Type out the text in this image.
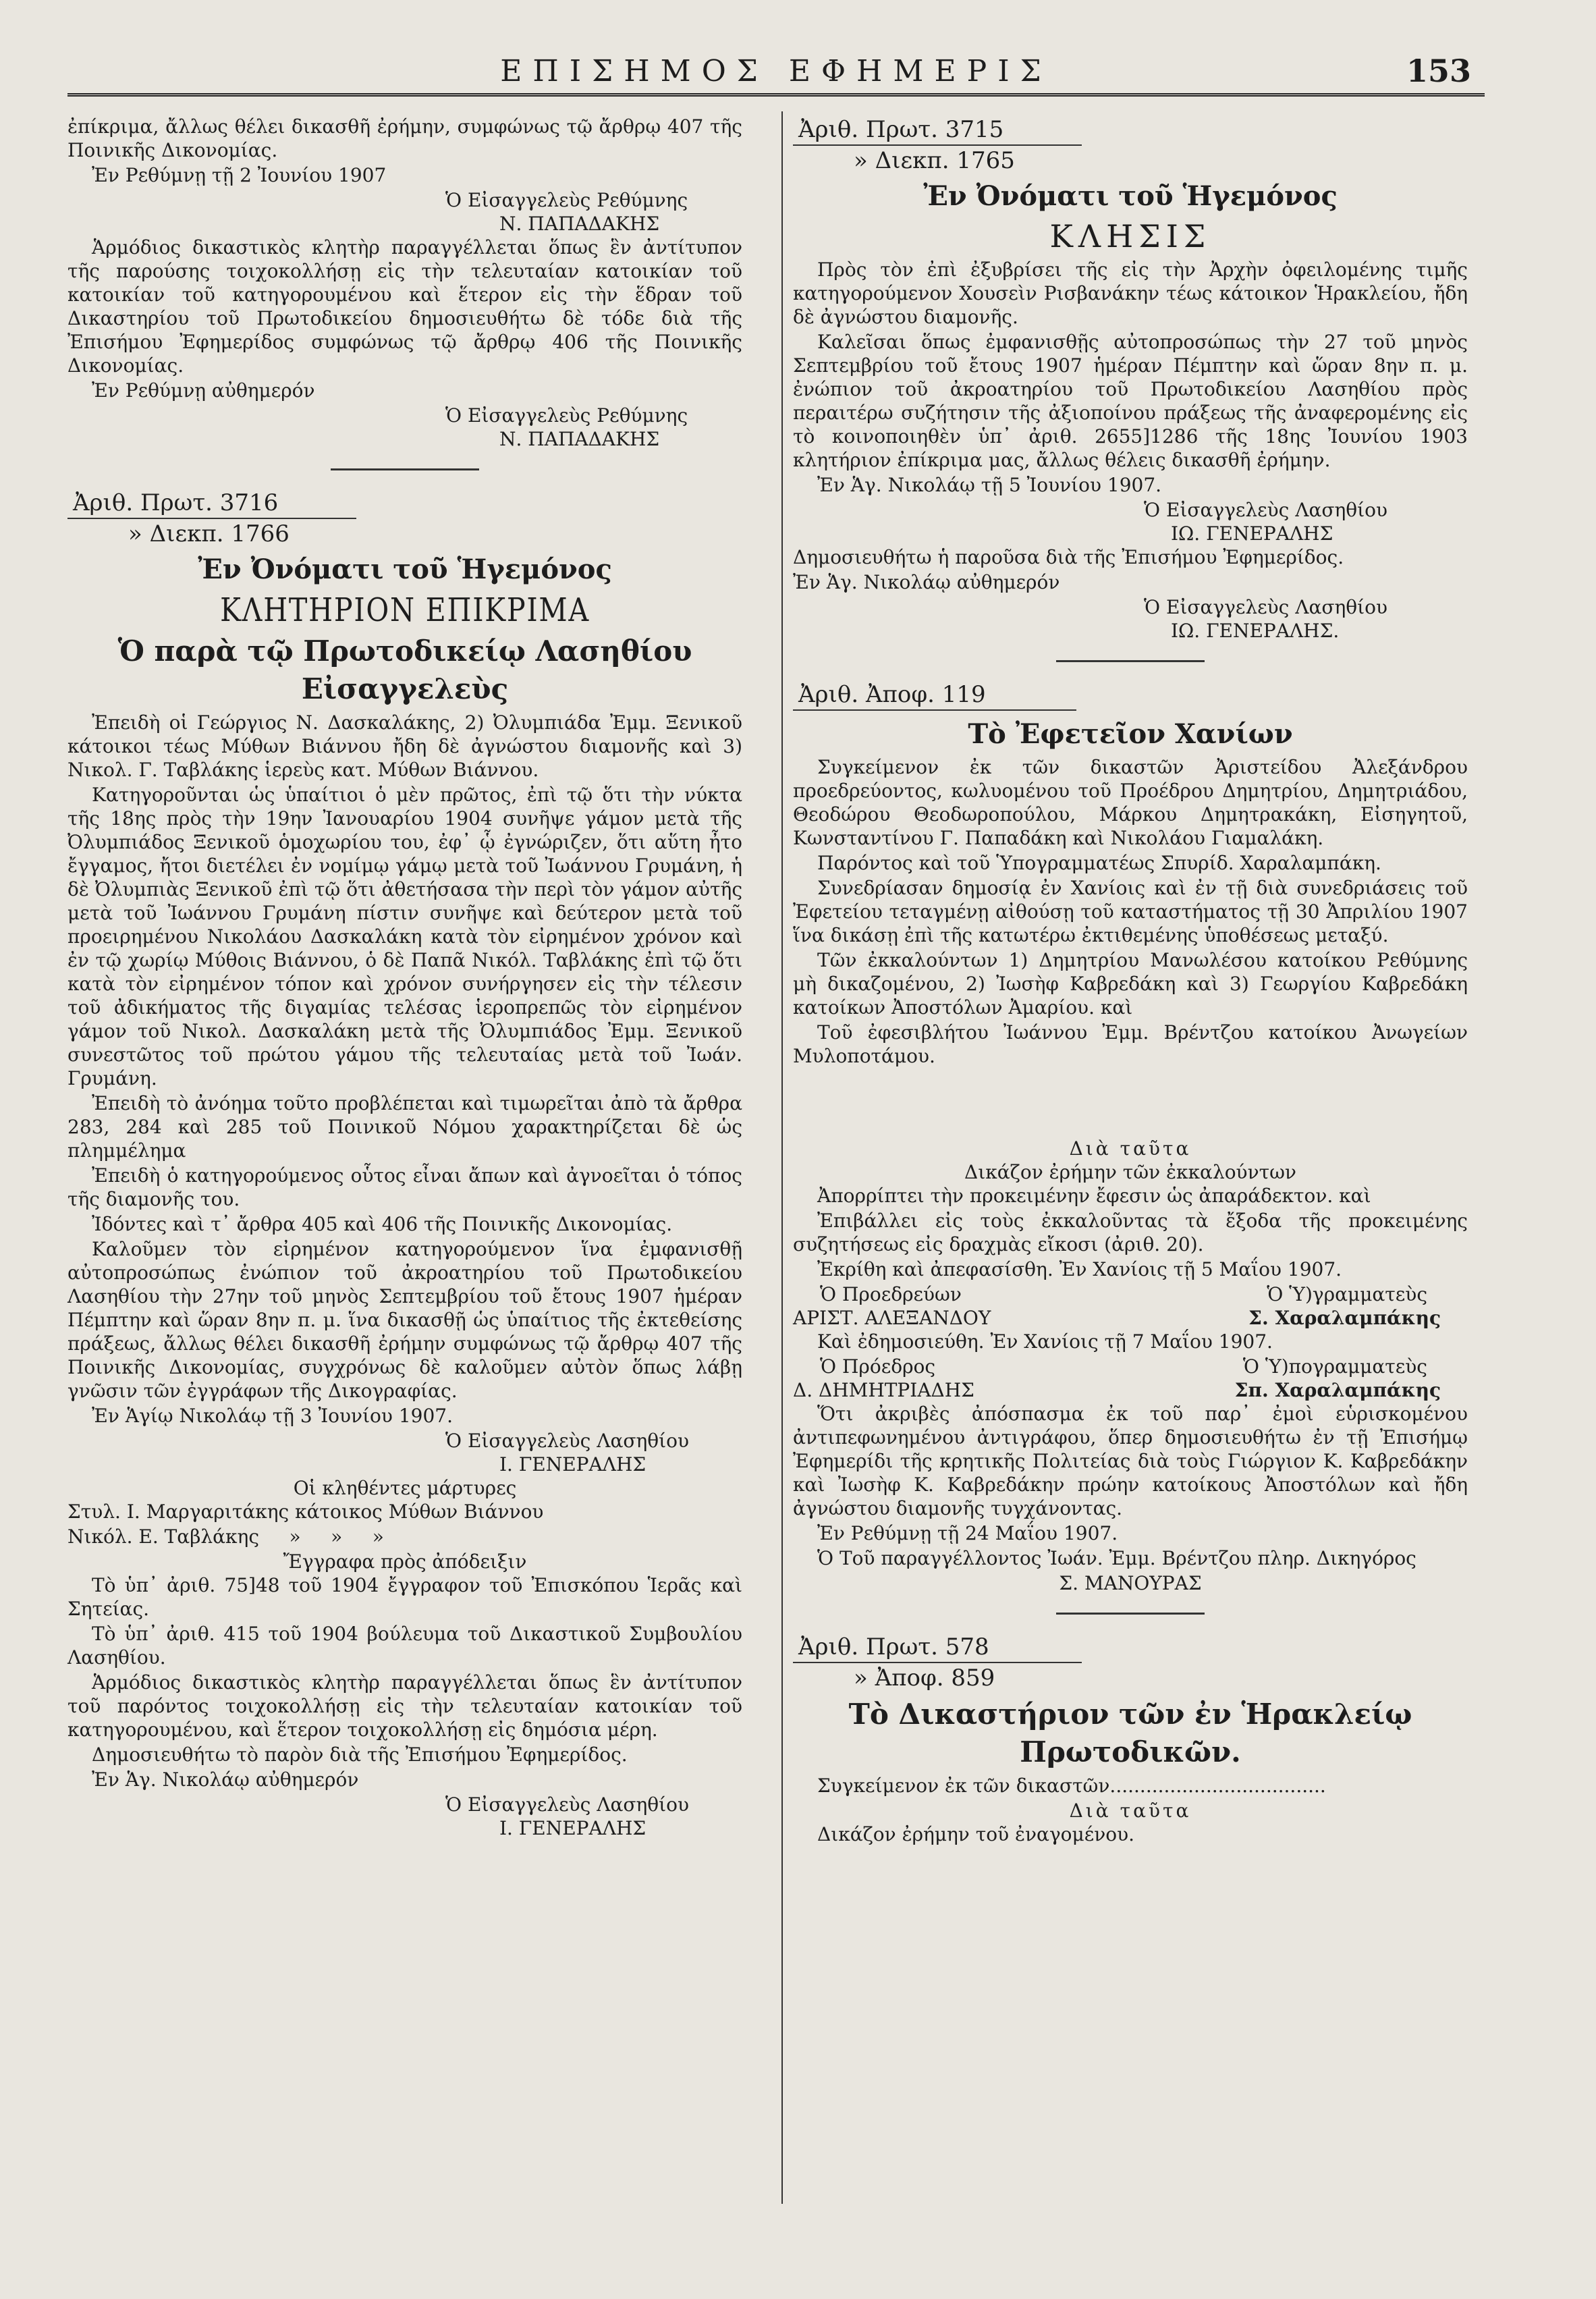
ΕΠΙΣΗΜΟΣ ΕΦΗΜΕΡΙΣ	153

ἐπίκριμα, ἄλλως θέλει δικασθῆ ἐρήμην, συμφώνως τῷ ἄρθρῳ 407 τῆς Ποινικῆς Δικονομίας.

Ἐν Ρεθύμνῃ τῇ 2 Ἰουνίου 1907

Ὁ Εἰσαγγελεὺς Ρεθύμνης

Ν. ΠΑΠΑΔΑΚΗΣ

Ἁρμόδιος δικαστικὸς κλητὴρ παραγγέλλεται ὅπως ἓν ἀντίτυπον τῆς παρούσης τοιχοκολλήσῃ εἰς τὴν τελευταίαν κατοικίαν τοῦ κατοικίαν τοῦ κατηγορουμένου καὶ ἕτερον εἰς τὴν ἕδραν τοῦ Δικαστηρίου τοῦ Πρωτοδικείου δημοσιευθήτω δὲ τόδε διὰ τῆς Ἐπισήμου Ἐφημερίδος συμφώνως τῷ ἄρθρῳ 406 τῆς Ποινικῆς Δικονομίας.

Ἐν Ρεθύμνῃ αὐθημερόν

Ὁ Εἰσαγγελεὺς Ρεθύμνης

Ν. ΠΑΠΑΔΑΚΗΣ

Ἀριθ. Πρωτ. 3716

» Διεκπ. 1766

Ἐν Ὀνόματι τοῦ Ἡγεμόνος

ΚΛΗΤΗΡΙΟΝ ΕΠΙΚΡΙΜΑ

Ὁ παρὰ τῷ Πρωτοδικείῳ Λασηθίου Εἰσαγγελεὺς

Ἐπειδὴ οἱ Γεώργιος Ν. Δασκαλάκης, 2) Ὀλυμπιάδα Ἐμμ. Ξενικοῦ κάτοικοι τέως Μύθων Βιάννου ἤδη δὲ ἀγνώστου διαμονῆς καὶ 3) Νικολ. Γ. Ταβλάκης ἱερεὺς κατ. Μύθων Βιάννου.

Κατηγοροῦνται ὡς ὑπαίτιοι ὁ μὲν πρῶτος, ἐπὶ τῷ ὅτι τὴν νύκτα τῆς 18ης πρὸς τὴν 19ην Ἰανουαρίου 1904 συνῆψε γάμον μετὰ τῆς Ὀλυμπιάδος Ξενικοῦ ὁμοχωρίου του, ἐφ᾽ ᾧ ἐγνώριζεν, ὅτι αὕτη ἦτο ἔγγαμος, ἤτοι διετέλει ἐν νομίμῳ γάμῳ μετὰ τοῦ Ἰωάννου Γρυμάνη, ἡ δὲ Ὀλυμπιὰς Ξενικοῦ ἐπὶ τῷ ὅτι ἀθετήσασα τὴν περὶ τὸν γάμον αὐτῆς μετὰ τοῦ Ἰωάννου Γρυμάνη πίστιν συνῆψε καὶ δεύτερον μετὰ τοῦ προειρημένου Νικολάου Δασκαλάκη κατὰ τὸν εἰρημένον χρόνον καὶ ἐν τῷ χωρίῳ Μύθοις Βιάννου, ὁ δὲ Παπᾶ Νικόλ. Ταβλάκης ἐπὶ τῷ ὅτι κατὰ τὸν εἰρημένον τόπον καὶ χρόνον συνήργησεν εἰς τὴν τέλεσιν τοῦ ἀδικήματος τῆς διγαμίας τελέσας ἱεροπρεπῶς τὸν εἰρημένον γάμον τοῦ Νικολ. Δασκαλάκη μετὰ τῆς Ὀλυμπιάδος Ἐμμ. Ξενικοῦ συνεστῶτος τοῦ πρώτου γάμου τῆς τελευταίας μετὰ τοῦ Ἰωάν. Γρυμάνη.

Ἐπειδὴ τὸ ἀνόημα τοῦτο προβλέπεται καὶ τιμωρεῖται ἀπὸ τὰ ἄρθρα 283, 284 καὶ 285 τοῦ Ποινικοῦ Νόμου χαρακτηρίζεται δὲ ὡς πλημμέλημα

Ἐπειδὴ ὁ κατηγορούμενος οὗτος εἶναι ἄπων καὶ ἀγνοεῖται ὁ τόπος τῆς διαμονῆς του.

Ἰδόντες καὶ τ᾽ ἄρθρα 405 καὶ 406 τῆς Ποινικῆς Δικονομίας.

Καλοῦμεν τὸν εἰρημένον κατηγορούμενον ἵνα ἐμφανισθῇ αὐτοπροσώπως ἐνώπιον τοῦ ἀκροατηρίου τοῦ Πρωτοδικείου Λασηθίου τὴν 27ην τοῦ μηνὸς Σεπτεμβρίου τοῦ ἔτους 1907 ἡμέραν Πέμπτην καὶ ὥραν 8ην π. μ. ἵνα δικασθῇ ὡς ὑπαίτιος τῆς ἐκτεθείσης πράξεως, ἄλλως θέλει δικασθῆ ἐρήμην συμφώνως τῷ ἄρθρῳ 407 τῆς Ποινικῆς Δικονομίας, συγχρόνως δὲ καλοῦμεν αὐτὸν ὅπως λάβῃ γνῶσιν τῶν ἐγγράφων τῆς Δικογραφίας.

Ἐν Ἁγίῳ Νικολάῳ τῇ 3 Ἰουνίου 1907.

Ὁ Εἰσαγγελεὺς Λασηθίου

Ι. ΓΕΝΕΡΑΛΗΣ

Οἱ κληθέντες μάρτυρες

Στυλ. Ι. Μαργαριτάκης κάτοικος Μύθων Βιάννου

Νικόλ. Ε. Ταβλάκης     »     »     »

Ἔγγραφα πρὸς ἀπόδειξιν

Τὸ ὑπ᾽ ἀριθ. 75]48 τοῦ 1904 ἔγγραφον τοῦ Ἐπισκόπου Ἱερᾶς καὶ Σητείας.

Τὸ ὑπ᾽ ἀριθ. 415 τοῦ 1904 βούλευμα τοῦ Δικαστικοῦ Συμβουλίου Λασηθίου.

Ἁρμόδιος δικαστικὸς κλητὴρ παραγγέλλεται ὅπως ἓν ἀντίτυπον τοῦ παρόντος τοιχοκολλήσῃ εἰς τὴν τελευταίαν κατοικίαν τοῦ κατηγορουμένου, καὶ ἕτερον τοιχοκολλήσῃ εἰς δημόσια μέρη.

Δημοσιευθήτω τὸ παρὸν διὰ τῆς Ἐπισήμου Ἐφημερίδος.

Ἐν Ἁγ. Νικολάῳ αὐθημερόν

Ὁ Εἰσαγγελεὺς Λασηθίου

Ι. ΓΕΝΕΡΑΛΗΣ

Ἀριθ. Πρωτ. 3715

» Διεκπ. 1765

Ἐν Ὀνόματι τοῦ Ἡγεμόνος

ΚΛΗΣΙΣ

Πρὸς τὸν ἐπὶ ἐξυβρίσει τῆς εἰς τὴν Ἀρχὴν ὀφειλομένης τιμῆς κατηγορούμενον Χουσεὶν Ρισβανάκην τέως κάτοικον Ἡρακλείου, ἤδη δὲ ἀγνώστου διαμονῆς.

Καλεῖσαι ὅπως ἐμφανισθῇς αὐτοπροσώπως τὴν 27 τοῦ μηνὸς Σεπτεμβρίου τοῦ ἔτους 1907 ἡμέραν Πέμπτην καὶ ὥραν 8ην π. μ. ἐνώπιον τοῦ ἀκροατηρίου τοῦ Πρωτοδικείου Λασηθίου πρὸς περαιτέρω συζήτησιν τῆς ἀξιοποίνου πράξεως τῆς ἀναφερομένης εἰς τὸ κοινοποιηθὲν ὑπ᾽ ἀριθ. 2655]1286 τῆς 18ης Ἰουνίου 1903 κλητήριον ἐπίκριμα μας, ἄλλως θέλεις δικασθῆ ἐρήμην.

Ἐν Ἁγ. Νικολάῳ τῇ 5 Ἰουνίου 1907.

Ὁ Εἰσαγγελεὺς Λασηθίου

ΙΩ. ΓΕΝΕΡΑΛΗΣ

Δημοσιευθήτω ἡ παροῦσα διὰ τῆς Ἐπισήμου Ἐφημερίδος.

Ἐν Ἁγ. Νικολάῳ αὐθημερόν

Ὁ Εἰσαγγελεὺς Λασηθίου

ΙΩ. ΓΕΝΕΡΑΛΗΣ.

Ἀριθ. Ἀποφ. 119

Τὸ Ἐφετεῖον Χανίων

Συγκείμενον ἐκ τῶν δικαστῶν Ἀριστείδου Ἀλεξάνδρου προεδρεύοντος, κωλυομένου τοῦ Προέδρου Δημητρίου, Δημητριάδου, Θεοδώρου Θεοδωροπούλου, Μάρκου Δημητρακάκη, Εἰσηγητοῦ, Κωνσταντίνου Γ. Παπαδάκη καὶ Νικολάου Γιαμαλάκη.

Παρόντος καὶ τοῦ Ὑπογραμματέως Σπυρίδ. Χαραλαμπάκη.

Συνεδρίασαν δημοσίᾳ ἐν Χανίοις καὶ ἐν τῇ διὰ συνεδριάσεις τοῦ Ἐφετείου τεταγμένῃ αἰθούσῃ τοῦ καταστήματος τῇ 30 Ἀπριλίου 1907 ἵνα δικάσῃ ἐπὶ τῆς κατωτέρω ἐκτιθεμένης ὑποθέσεως μεταξύ.

Τῶν ἐκκαλούντων 1) Δημητρίου Μανωλέσου κατοίκου Ρεθύμνης μὴ δικαζομένου, 2) Ἰωσὴφ Καβρεδάκη καὶ 3) Γεωργίου Καβρεδάκη κατοίκων Ἀποστόλων Ἀμαρίου. καὶ

Τοῦ ἐφεσιβλήτου Ἰωάννου Ἐμμ. Βρέντζου κατοίκου Ἀνωγείων Μυλοποτάμου.

Διὰ ταῦτα

Δικάζον ἐρήμην τῶν ἐκκαλούντων

Ἀπορρίπτει τὴν προκειμένην ἔφεσιν ὡς ἀπαράδεκτον. καὶ

Ἐπιβάλλει εἰς τοὺς ἐκκαλοῦντας τὰ ἔξοδα τῆς προκειμένης συζητήσεως εἰς δραχμὰς εἴκοσι (ἀριθ. 20).

Ἐκρίθη καὶ ἀπεφασίσθη. Ἐν Χανίοις τῇ 5 Μαΐου 1907.

Ὁ Προεδρεύων	Ὁ Ὑ)γραμματεὺς
ΑΡΙΣΤ. ΑΛΕΞΑΝΔΟΥ	Σ. Χαραλαμπάκης

Καὶ ἐδημοσιεύθη. Ἐν Χανίοις τῇ 7 Μαΐου 1907.

Ὁ Πρόεδρος	Ὁ Ὑ)πογραμματεὺς
Δ. ΔΗΜΗΤΡΙΑΔΗΣ	Σπ. Χαραλαμπάκης

Ὅτι ἀκριβὲς ἀπόσπασμα ἐκ τοῦ παρ᾽ ἐμοὶ εὑρισκομένου ἀντιπεφωνημένου ἀντιγράφου, ὅπερ δημοσιευθήτω ἐν τῇ Ἐπισήμῳ Ἐφημερίδι τῆς κρητικῆς Πολιτείας διὰ τοὺς Γιώργιον Κ. Καβρεδάκην καὶ Ἰωσὴφ Κ. Καβρεδάκην πρώην κατοίκους Ἀποστόλων καὶ ἤδη ἀγνώστου διαμονῆς τυγχάνοντας.

Ἐν Ρεθύμνῃ τῇ 24 Μαΐου 1907.

Ὁ Τοῦ παραγγέλλοντος Ἰωάν. Ἐμμ. Βρέντζου πληρ. Δικηγόρος

Σ. ΜΑΝΟΥΡΑΣ

Ἀριθ. Πρωτ. 578

» Ἀποφ. 859

Τὸ Δικαστήριον τῶν ἐν Ἡρακλείῳ Πρωτοδικῶν.

Συγκείμενον ἐκ τῶν δικαστῶν....................................

Διὰ ταῦτα

Δικάζον ἐρήμην τοῦ ἐναγομένου.
